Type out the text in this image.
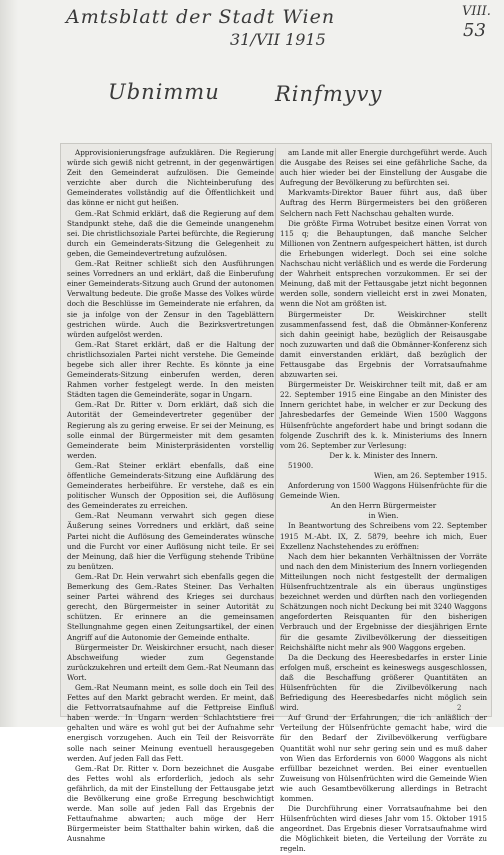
Amtsblatt der Stadt Wien
31/VII 1915
VIII.
53
Ubnimmu	Rinfmyvy

Approvisionierungsfrage aufzuklären. Die Regierung würde sich gewiß nicht getrennt, in der gegenwärtigen Zeit den Gemeinderat aufzulösen. Die Gemeinde verzichte aber durch die Nichteinberufung des Gemeinderates vollständig auf die Öffentlichkeit und das könne er nicht gut heißen.

Gem.-Rat Schmid erklärt, daß die Regierung auf dem Standpunkt stehe, daß die die Gemeinde unangenehm sei. Die christlichsoziale Partei befürchte, die Regierung durch ein Gemeinderats-Sitzung die Gelegenheit zu geben, die Gemeindevertretung aufzulösen.

Gem.-Rat Reitner schließt sich den Ausführungen seines Vorredners an und erklärt, daß die Einberufung einer Gemeinderats-Sitzung auch Grund der autonomen Verwaltung bedeute. Die große Masse des Volkes würde doch die Beschlüsse im Gemeinderate nie erfahren, da sie ja infolge von der Zensur in den Tageblättern gestrichen würde. Auch die Bezirksvertretungen würden aufgelöst werden.

Gem.-Rat Staret erklärt, daß er die Haltung der christlichsozialen Partei nicht verstehe. Die Gemeinde begebe sich aller ihrer Rechte. Es könnte ja eine Gemeinderats-Sitzung einberufen werden, deren Rahmen vorher festgelegt werde. In den meisten Städten tagen die Gemeinderäte, sogar in Ungarn.

Gem.-Rat Dr. Ritter v. Dorn erklärt, daß sich die Autorität der Gemeindevertreter gegenüber der Regierung als zu gering erweise. Er sei der Meinung, es solle einmal der Bürgermeister mit dem gesamten Gemeinderate beim Ministerpräsidenten vorstellig werden.

Gem.-Rat Steiner erklärt ebenfalls, daß eine öffentliche Gemeinderats-Sitzung eine Aufklärung des Gemeinderates herbeiführe. Er verstehe, daß es ein politischer Wunsch der Opposition sei, die Auflösung des Gemeinderates zu erreichen.

Gem.-Rat Neumann verwahrt sich gegen diese Äußerung seines Vorredners und erklärt, daß seine Partei nicht die Auflösung des Gemeinderates wünsche und die Furcht vor einer Auflösung nicht teile. Er sei der Meinung, daß hier die Verfügung stehende Tribüne zu benützen.

Gem.-Rat Dr. Hein verwahrt sich ebenfalls gegen die Bemerkung des Gem.-Rates Steiner. Das Verhalten seiner Partei während des Krieges sei durchaus gerecht, den Bürgermeister in seiner Autorität zu schützen. Er erinnere an die gemeinsamen Stellungnahme gegen einen Zeitungsartikel, der einen Angriff auf die Autonomie der Gemeinde enthalte.

Bürgermeister Dr. Weiskirchner ersucht, nach dieser Abschweifung wieder zum Gegenstande zurückzukehren und erteilt dem Gem.-Rat Neumann das Wort.

Gem.-Rat Neumann meint, es solle doch ein Teil des Fettes auf den Markt gebracht werden. Er meint, daß die Fettvorratsaufnahme auf die Fettpreise Einfluß haben werde. In Ungarn werden Schlachtstiere frei gehalten und wäre es wohl gut bei der Aufnahme sehr energisch vorzugehen. Auch ein Teil der Reisvorräte solle nach seiner Meinung eventuell herausgegeben werden. Auf jeden Fall das Fett.

Gem.-Rat Dr. Ritter v. Dorn bezeichnet die Ausgabe des Fettes wohl als erforderlich, jedoch als sehr gefährlich, da mit der Einstellung der Fettausgabe jetzt die Bevölkerung eine große Erregung beschwichtigt werde. Man solle auf jeden Fall das Ergebnis der Fettaufnahme abwarten; auch möge der Herr Bürgermeister beim Statthalter bahin wirken, daß die Ausnahme

am Lande mit aller Energie durchgeführt werde. Auch die Ausgabe des Reises sei eine gefährliche Sache, da auch hier wieder bei der Einstellung der Ausgabe die Aufregung der Bevölkerung zu befürchten sei.

Markvamts-Direktor Bauer führt aus, daß über Auftrag des Herrn Bürgermeisters bei den größeren Selchern nach Fett Nachschau gehalten wurde.

Die größte Firma Wotrubet besitze einen Vorrat von 115 q; die Behauptungen, daß manche Selcher Millionen von Zentnern aufgespeichert hätten, ist durch die Erhebungen widerlegt. Doch sei eine solche Nachschau nicht verläßlich und es werde die Forderung der Wahrheit entsprechen vorzukommen. Er sei der Meinung, daß mit der Fettausgabe jetzt nicht begonnen werden solle, sondern vielleicht erst in zwei Monaten, wenn die Not am größten ist.

Bürgermeister Dr. Weiskirchner stellt zusammenfassend fest, daß die Obmänner-Konferenz sich dahin geeinigt habe, bezüglich der Reisausgabe noch zuzuwarten und daß die Obmänner-Konferenz sich damit einverstanden erklärt, daß bezüglich der Fettausgabe das Ergebnis der Vorratsaufnahme abzuwarten sei.

Bürgermeister Dr. Weiskirchner teilt mit, daß er am 22. September 1915 eine Eingabe an den Minister des Innern gerichtet habe, in welcher er zur Deckung des Jahresbedarfes der Gemeinde Wien 1500 Waggons Hülsenfrüchte angefordert habe und bringt sodann die folgende Zuschrift des k. k. Ministeriums des Innern vom 26. September zur Verlesung:

Der k. k. Minister des Innern.

51900.

Wien, am 26. September 1915.

Anforderung von 1500 Waggons Hülsenfrüchte für die Gemeinde Wien.

An den Herrn Bürgermeister

in Wien.

In Beantwortung des Schreibens vom 22. September 1915 M.-Abt. IX, Z. 5879, beehre ich mich, Euer Exzellenz Nachstehendes zu eröffnen:

Nach dem hier bekannten Verhältnissen der Vorräte und nach den dem Ministerium des Innern vorliegenden Mitteilungen noch nicht festgestellt der dermaligen Hülsenfruchtzentrale als ein überaus ungünstiges bezeichnet werden und dürften nach den vorliegenden Schätzungen noch nicht Deckung bei mit 3240 Waggons angeforderten Reisquanten für den bisherigen Verbrauch und der Ergebnisse der diesjährigen Ernte für die gesamte Zivilbevölkerung der diesseitigen Reichshälfte nicht mehr als 900 Waggons ergeben.

Da die Deckung des Heeresbedarfes in erster Linie erfolgen muß, erscheint es keineswegs ausgeschlossen, daß die Beschaffung größerer Quantitäten an Hülsenfrüchten für die Zivilbevölkerung nach Befriedigung des Heeresbedarfes nicht möglich sein wird.

Auf Grund der Erfahrungen, die ich anläßlich der Verteilung der Hülsenfrüchte gemacht habe, wird die für den Bedarf der Zivilbevölkerung verfügbare Quantität wohl nur sehr gering sein und es muß daher von Wien das Erfordernis von 6000 Waggons als nicht erfüllbar bezeichnet werden. Bei einer eventuellen Zuweisung von Hülsenfrüchten wird die Gemeinde Wien wie auch Gesamtbevölkerung allerdings in Betracht kommen.

Die Durchführung einer Vorratsaufnahme bei den Hülsenfrüchten wird dieses Jahr vom 15. Oktober 1915 angeordnet. Das Ergebnis dieser Vorratsaufnahme wird die Möglichkeit bieten, die Verteilung der Vorräte zu regeln.

2
